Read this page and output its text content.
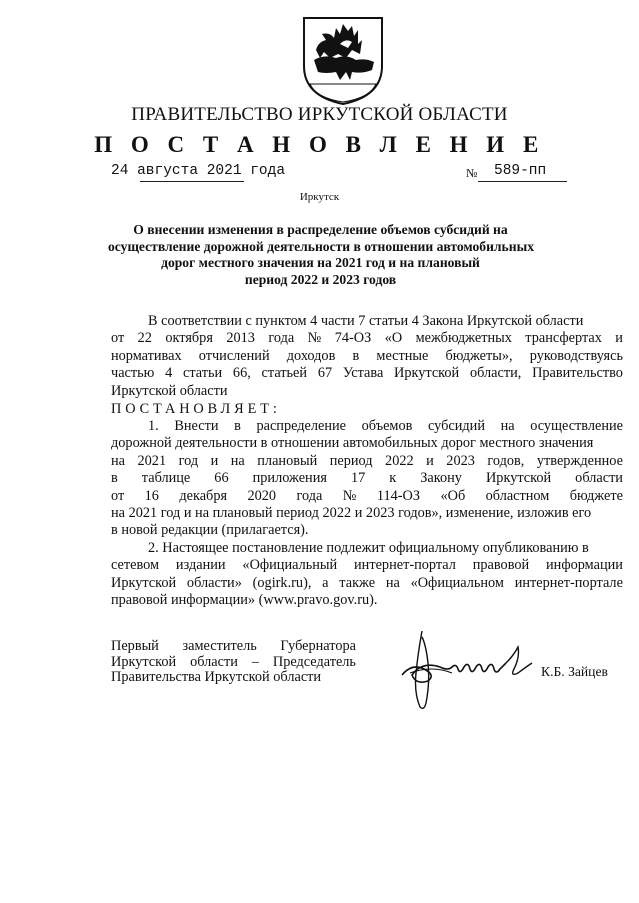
ПРАВИТЕЛЬСТВО ИРКУТСКОЙ ОБЛАСТИ
П О С Т А Н О В Л Е Н И Е
24 августа 2021 года	№ 589-пп
Иркутск
О внесении изменения в распределение объемов субсидий на
осуществление дорожной деятельности в отношении автомобильных
дорог местного значения на 2021 год и на плановый
период 2022 и 2023 годов
В соответствии с пунктом 4 части 7 статьи 4 Закона Иркутской области
от 22 октября 2013 года № 74-ОЗ «О межбюджетных трансфертах и
нормативах отчислений доходов в местные бюджеты», руководствуясь
частью 4 статьи 66, статьей 67 Устава Иркутской области, Правительство
Иркутской области
ПОСТАНОВЛЯЕТ:
1. Внести в распределение объемов субсидий на осуществление
дорожной деятельности в отношении автомобильных дорог местного значения
на 2021 год и на плановый период 2022 и 2023 годов, утвержденное
в таблице 66 приложения 17 к Закону Иркутской области
от 16 декабря 2020 года № 114-ОЗ «Об областном бюджете
на 2021 год и на плановый период 2022 и 2023 годов», изменение, изложив его
в новой редакции (прилагается).
2. Настоящее постановление подлежит официальному опубликованию в
сетевом издании «Официальный интернет-портал правовой информации
Иркутской области» (ogirk.ru), а также на «Официальном интернет-портале
правовой информации» (www.pravo.gov.ru).
Первый заместитель Губернатора
Иркутской области – Председатель
Правительства Иркутской области	К.Б. Зайцев
